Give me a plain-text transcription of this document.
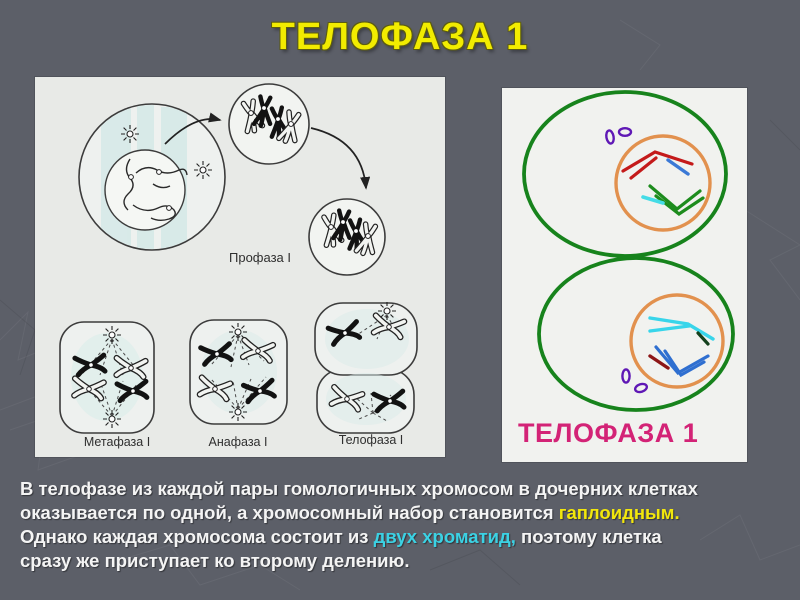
ТЕЛОФАЗА 1
Профаза I
Метафаза I	Анафаза I	Телофаза I	ТЕЛОФАЗА 1
В телофазе из каждой пары гомологичных хромосом в дочерних клетках
оказывается по одной, а хромосомный набор становится гаплоидным.
Однако каждая хромосома состоит из двух хроматид, поэтому клетка
сразу же приступает ко второму делению.
